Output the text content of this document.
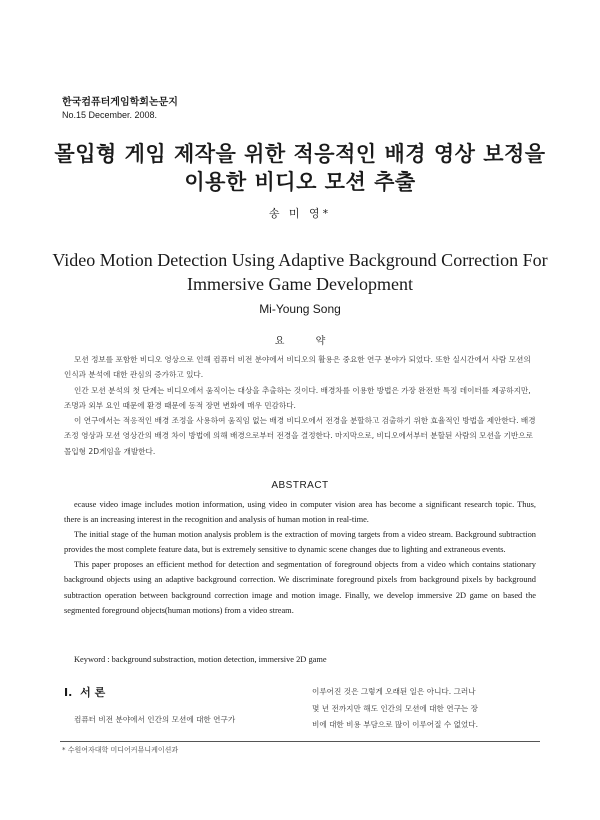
한국컴퓨터게임학회논문지
No.15 December. 2008.
몰입형 게임 제작을 위한 적응적인 배경 영상 보정을
이용한 비디오 모션 추출
송 미 영*
Video Motion Detection Using Adaptive Background Correction For
Immersive Game Development
Mi-Young Song
요 약

모션 정보를 포함한 비디오 영상으로 인해 컴퓨터 비전 분야에서 비디오의 활용은 중요한 연구 분야가 되었다. 또한 실시간에서 사람 모션의 인식과 분석에 대한 관심의 증가하고 있다.

인간 모션 분석의 첫 단계는 비디오에서 움직이는 대상을 추출하는 것이다. 배경차를 이용한 방법은 가장 완전한 특징 데이터를 제공하지만, 조명과 외부 요인 때문에 환경 때문에 동적 장면 변화에 매우 민감하다.

이 연구에서는 적응적인 배경 조정을 사용하여 움직임 없는 배경 비디오에서 전경을 분할하고 검출하기 위한 효율적인 방법을 제안한다. 배경 조정 영상과 모션 영상간의 배경 차이 방법에 의해 배경으로부터 전경을 결정한다. 마지막으로, 비디오에서부터 분할된 사람의 모션을 기반으로 몰입형 2D게임을 개발한다.

ABSTRACT

ecause video image includes motion information, using video in computer vision area has become a significant research topic. Thus, there is an increasing interest in the recognition and analysis of human motion in real-time.

The initial stage of the human motion analysis problem is the extraction of moving targets from a video stream. Background subtraction provides the most complete feature data, but is extremely sensitive to dynamic scene changes due to lighting and extraneous events.

This paper proposes an efficient method for detection and segmentation of foreground objects from a video which contains stationary background objects using an adaptive background correction. We discriminate foreground pixels from background pixels by background subtraction operation between background correction image and motion image. Finally, we develop immersive 2D game on based the segmented foreground objects(human motions) from a video stream.

Keyword : background substraction, motion detection, immersive 2D game
Ⅰ. 서 론
컴퓨터 비전 분야에서 인간의 모션에 대한 연구가
이루어진 것은 그렇게 오래된 일은 아니다. 그러나
몇 년 전까지만 해도 인간의 모션에 대한 연구는 장
비에 대한 비용 부담으로 많이 이루어질 수 없었다.
* 수원여자대학 미디어커뮤니케이션과
